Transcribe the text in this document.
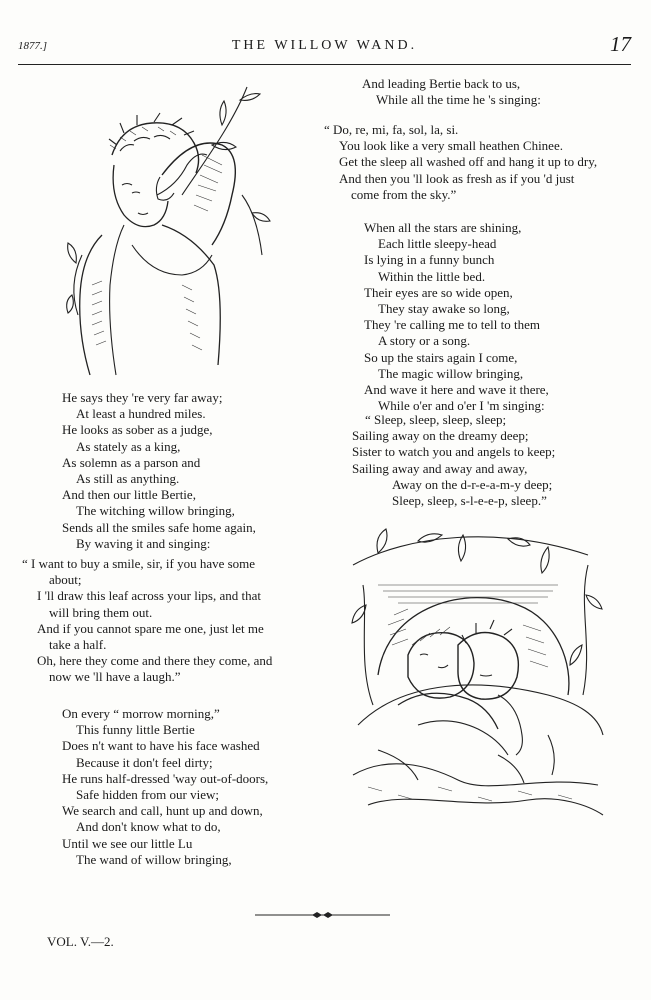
1877.]	THE WILLOW WAND.	17
He says they 're very far away;
At least a hundred miles.
He looks as sober as a judge,
As stately as a king,
As solemn as a parson and
As still as anything.
And then our little Bertie,
The witching willow bringing,
Sends all the smiles safe home again,
By waving it and singing:
“ I want to buy a smile, sir, if you have some
about;
I 'll draw this leaf across your lips, and that
will bring them out.
And if you cannot spare me one, just let me
take a half.
Oh, here they come and there they come, and
now we 'll have a laugh.”
On every “ morrow morning,”
This funny little Bertie
Does n't want to have his face washed
Because it don't feel dirty;
He runs half-dressed 'way out-of-doors,
Safe hidden from our view;
We search and call, hunt up and down,
And don't know what to do,
Until we see our little Lu
The wand of willow bringing,
And leading Bertie back to us,
While all the time he 's singing:
“ Do, re, mi, fa, sol, la, si.
You look like a very small heathen Chinee.
Get the sleep all washed off and hang it up to dry,
And then you 'll look as fresh as if you 'd just
come from the sky.”
When all the stars are shining,
Each little sleepy-head
Is lying in a funny bunch
Within the little bed.
Their eyes are so wide open,
They stay awake so long,
They 're calling me to tell to them
A story or a song.
So up the stairs again I come,
The magic willow bringing,
And wave it here and wave it there,
While o'er and o'er I 'm singing:
“ Sleep, sleep, sleep, sleep;
Sailing away on the dreamy deep;
Sister to watch you and angels to keep;
Sailing away and away and away,
Away on the d-r-e-a-m-y deep;
Sleep, sleep, s-l-e-e-p, sleep.”
VOL. V.—2.
